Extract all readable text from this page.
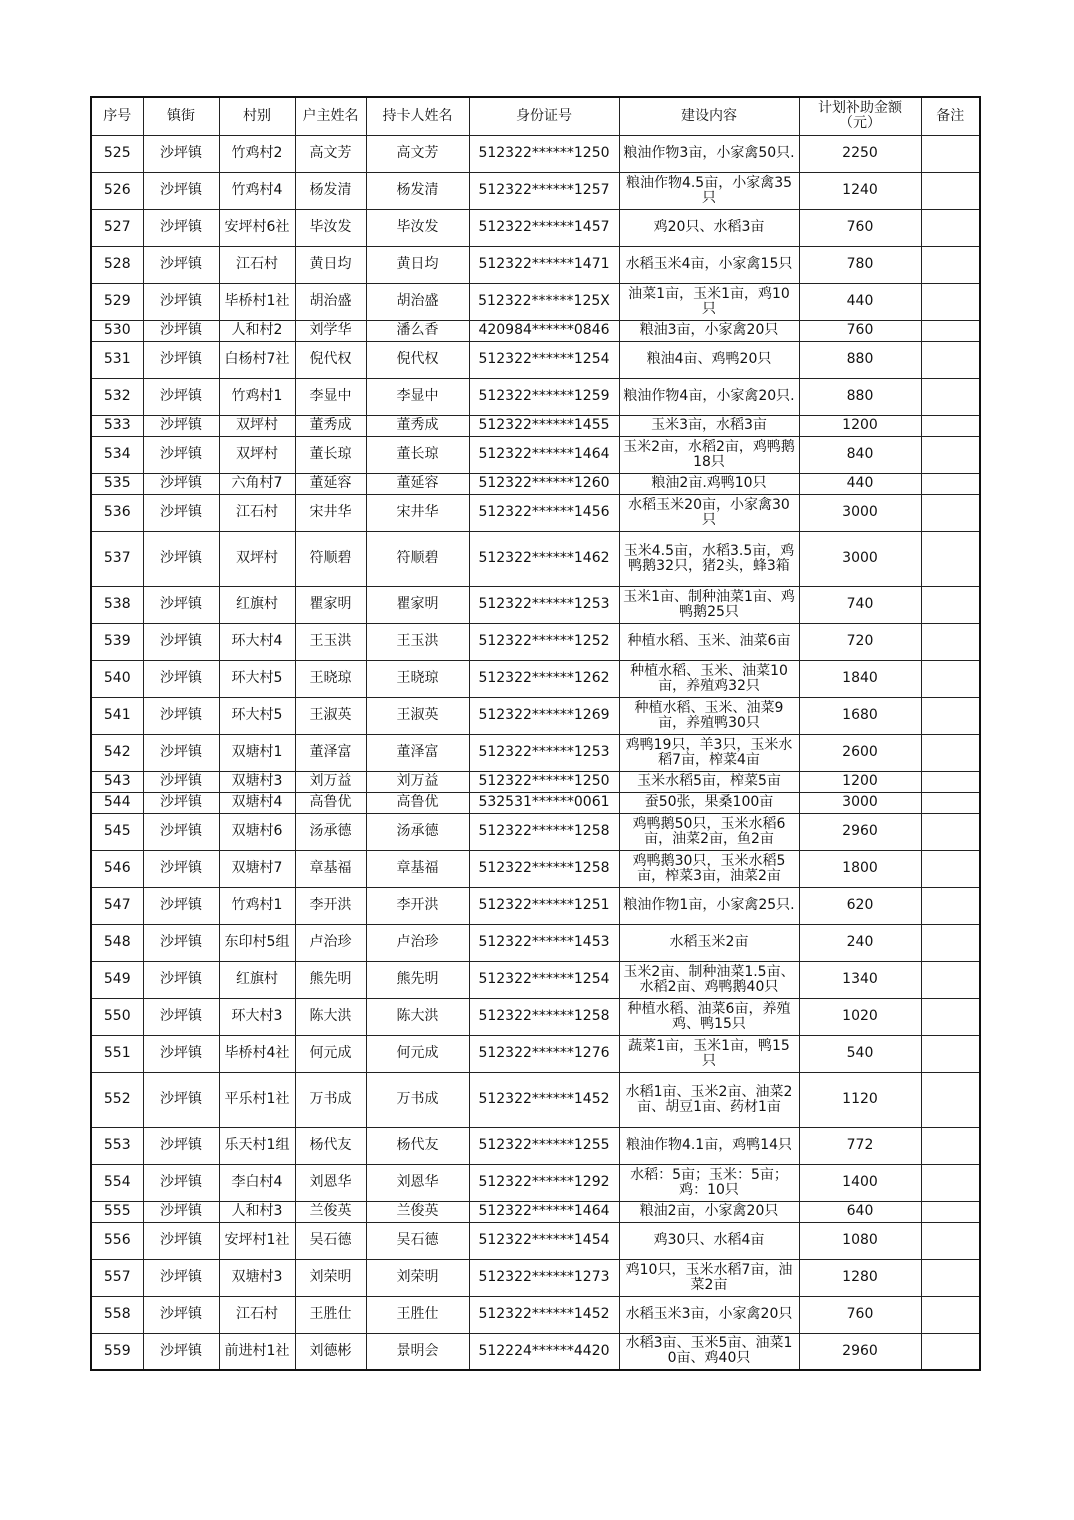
序号	镇街	村别	户主姓名	持卡人姓名	身份证号	建设内容	计划补助金额（元）	备注
525	沙坪镇	竹鸡村2	高文芳	高文芳	512322******1250	粮油作物3亩，小家禽50只.	2250	
526	沙坪镇	竹鸡村4	杨发清	杨发清	512322******1257	粮油作物4.5亩，小家禽35只	1240	
527	沙坪镇	安坪村6社	毕汝发	毕汝发	512322******1457	鸡20只、水稻3亩	760	
528	沙坪镇	江石村	黄日均	黄日均	512322******1471	水稻玉米4亩，小家禽15只	780	
529	沙坪镇	毕桥村1社	胡治盛	胡治盛	512322******125X	油菜1亩，玉米1亩，鸡10只	440	
530	沙坪镇	人和村2	刘学华	潘么香	420984******0846	粮油3亩，小家禽20只	760	
531	沙坪镇	白杨村7社	倪代权	倪代权	512322******1254	粮油4亩、鸡鸭20只	880	
532	沙坪镇	竹鸡村1	李显中	李显中	512322******1259	粮油作物4亩，小家禽20只.	880	
533	沙坪镇	双坪村	董秀成	董秀成	512322******1455	玉米3亩，水稻3亩	1200	
534	沙坪镇	双坪村	董长琼	董长琼	512322******1464	玉米2亩，水稻2亩，鸡鸭鹅18只	840	
535	沙坪镇	六角村7	董延容	董延容	512322******1260	粮油2亩.鸡鸭10只	440	
536	沙坪镇	江石村	宋井华	宋井华	512322******1456	水稻玉米20亩，小家禽30只	3000	
537	沙坪镇	双坪村	符顺碧	符顺碧	512322******1462	玉米4.5亩，水稻3.5亩，鸡鸭鹅32只，猪2头，蜂3箱	3000	
538	沙坪镇	红旗村	瞿家明	瞿家明	512322******1253	玉米1亩、制种油菜1亩、鸡鸭鹅25只	740	
539	沙坪镇	环大村4	王玉洪	王玉洪	512322******1252	种植水稻、玉米、油菜6亩	720	
540	沙坪镇	环大村5	王晓琼	王晓琼	512322******1262	种植水稻、玉米、油菜10亩，养殖鸡32只	1840	
541	沙坪镇	环大村5	王淑英	王淑英	512322******1269	种植水稻、玉米、油菜9亩，养殖鸭30只	1680	
542	沙坪镇	双塘村1	董泽富	董泽富	512322******1253	鸡鸭19只，羊3只，玉米水稻7亩，榨菜4亩	2600	
543	沙坪镇	双塘村3	刘万益	刘万益	512322******1250	玉米水稻5亩，榨菜5亩	1200	
544	沙坪镇	双塘村4	高鲁优	高鲁优	532531******0061	蚕50张，果桑100亩	3000	
545	沙坪镇	双塘村6	汤承德	汤承德	512322******1258	鸡鸭鹅50只，玉米水稻6亩，油菜2亩，鱼2亩	2960	
546	沙坪镇	双塘村7	章基福	章基福	512322******1258	鸡鸭鹅30只，玉米水稻5亩，榨菜3亩，油菜2亩	1800	
547	沙坪镇	竹鸡村1	李开洪	李开洪	512322******1251	粮油作物1亩，小家禽25只.	620	
548	沙坪镇	东印村5组	卢治珍	卢治珍	512322******1453	水稻玉米2亩	240	
549	沙坪镇	红旗村	熊先明	熊先明	512322******1254	玉米2亩、制种油菜1.5亩、水稻2亩、鸡鸭鹅40只	1340	
550	沙坪镇	环大村3	陈大洪	陈大洪	512322******1258	种植水稻、油菜6亩，养殖鸡、鸭15只	1020	
551	沙坪镇	毕桥村4社	何元成	何元成	512322******1276	蔬菜1亩，玉米1亩，鸭15只	540	
552	沙坪镇	平乐村1社	万书成	万书成	512322******1452	水稻1亩、玉米2亩、油菜2亩、胡豆1亩、药材1亩	1120	
553	沙坪镇	乐天村1组	杨代友	杨代友	512322******1255	粮油作物4.1亩，鸡鸭14只	772	
554	沙坪镇	李白村4	刘恩华	刘恩华	512322******1292	水稻：5亩；玉米：5亩；鸡：10只	1400	
555	沙坪镇	人和村3	兰俊英	兰俊英	512322******1464	粮油2亩，小家禽20只	640	
556	沙坪镇	安坪村1社	吴石德	吴石德	512322******1454	鸡30只、水稻4亩	1080	
557	沙坪镇	双塘村3	刘荣明	刘荣明	512322******1273	鸡10只，玉米水稻7亩，油菜2亩	1280	
558	沙坪镇	江石村	王胜仕	王胜仕	512322******1452	水稻玉米3亩，小家禽20只	760	
559	沙坪镇	前进村1社	刘德彬	景明会	512224******4420	水稻3亩、玉米5亩、油菜10亩、鸡40只	2960	
